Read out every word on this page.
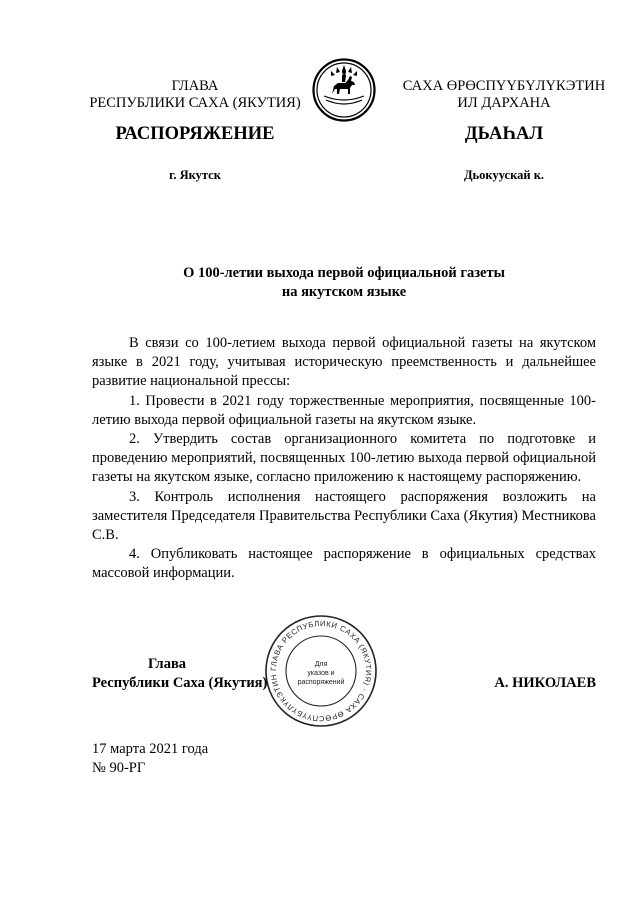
ГЛАВА
РЕСПУБЛИКИ САХА (ЯКУТИЯ)
САХА ӨРӨСПҮҮБҮЛҮКЭТИН
ИЛ ДАРХАНА
РАСПОРЯЖЕНИЕ	ДЬАҺАЛ
г. Якутск	Дьокуускай к.
О 100-летии выхода первой официальной газеты
на якутском языке

В связи со 100-летием выхода первой официальной газеты на якутском языке в 2021 году, учитывая историческую преемственность и дальнейшее развитие национальной прессы:

1. Провести в 2021 году торжественные мероприятия, посвященные 100-летию выхода первой официальной газеты на якутском языке.

2. Утвердить состав организационного комитета по подготовке и проведению мероприятий, посвященных 100-летию выхода первой официальной газеты на якутском языке, согласно приложению к настоящему распоряжению.

3. Контроль исполнения настоящего распоряжения возложить на заместителя Председателя Правительства Республики Саха (Якутия) Местникова С.В.

4. Опубликовать настоящее распоряжение в официальных средствах массовой информации.

Глава
Республики Саха (Якутия)
ГЛАВА РЕСПУБЛИКИ САХА (ЯКУТИЯ) · САХА ӨРӨСПҮҮБҮЛҮКЭТИН
Для
указов и
распоряжений	А. НИКОЛАЕВ
17 марта 2021 года
№ 90-РГ
